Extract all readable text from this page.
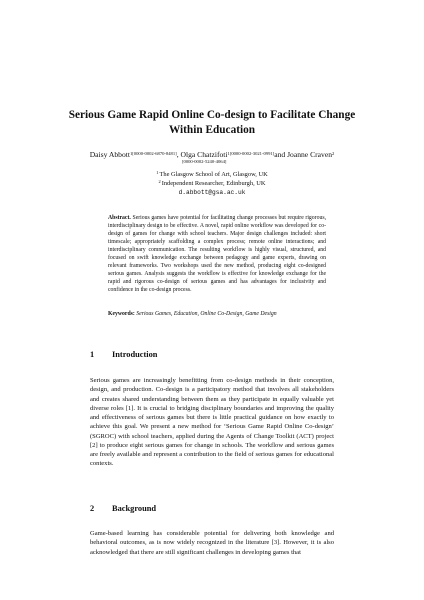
Serious Game Rapid Online Co-design to Facilitate Change Within Education
Daisy Abbott$^{1[0000-0002-6870-8481]}$, Olga Chatzifoti$^{1[0000-0002-3021-0991]}$and Joanne Craven$^2$
[0000-0002-5240-4064]
$^1$The Glasgow School of Art, Glasgow, UK
$^2$Independent Researcher, Edinburgh, UK
d.abbott@gsa.ac.uk
Abstract. Serious games have potential for facilitating change processes but require rigorous, interdisciplinary design to be effective. A novel, rapid online workflow was developed for co-design of games for change with school teachers. Major design challenges included: short timescale; appropriately scaffolding a complex process; remote online interactions; and interdisciplinary communication. The resulting workflow is highly visual, structured, and focused on swift knowledge exchange between pedagogy and game experts, drawing on relevant frameworks. Two workshops used the new method, producing eight co-designed serious games. Analysis suggests the workflow is effective for knowledge exchange for the rapid and rigorous co-design of serious games and has advantages for inclusivity and confidence in the co-design process.
Keywords: Serious Games, Education, Online Co-Design, Game Design
1 Introduction

Serious games are increasingly benefitting from co-design methods in their conception, design, and production. Co-design is a participatory method that involves all stakeholders and creates shared understanding between them as they participate in equally valuable yet diverse roles [1]. It is crucial to bridging disciplinary boundaries and improving the quality and effectiveness of serious games but there is little practical guidance on how exactly to achieve this goal. We present a new method for ‘Serious Game Rapid Online Co-design’ (SGROC) with school teachers, applied during the Agents of Change Toolkit (ACT) project [2] to produce eight serious games for change in schools. The workflow and serious games are freely available and represent a contribution to the field of serious games for educational contexts.

2 Background

Game-based learning has considerable potential for delivering both knowledge and behavioral outcomes, as is now widely recognized in the literature [3]. However, it is also acknowledged that there are still significant challenges in developing games that
